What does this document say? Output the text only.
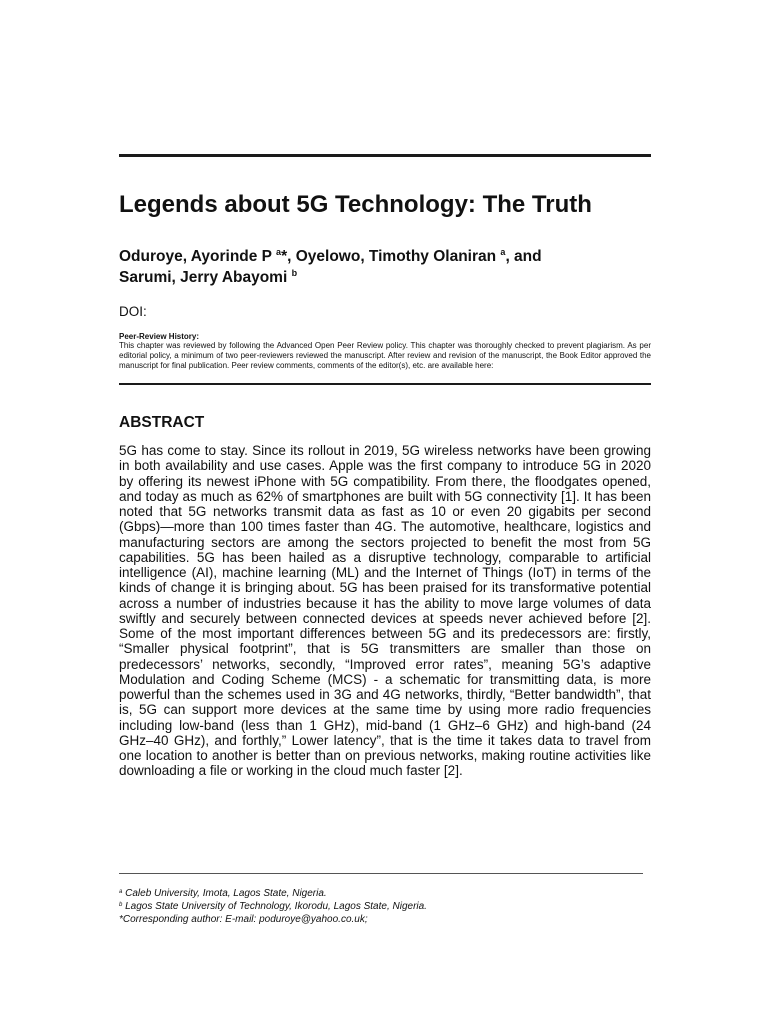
Legends about 5G Technology: The Truth

Oduroye, Ayorinde P $^a$*, Oyelowo, Timothy Olaniran $^a$, and
Sarumi, Jerry Abayomi $^b$

DOI:
Peer-Review History:

This chapter was reviewed by following the Advanced Open Peer Review policy. This chapter was thoroughly checked to prevent plagiarism. As per editorial policy, a minimum of two peer-reviewers reviewed the manuscript. After review and revision of the manuscript, the Book Editor approved the manuscript for final publication. Peer review comments, comments of the editor(s), etc. are available here:

ABSTRACT

5G has come to stay. Since its rollout in 2019, 5G wireless networks have been growing in both availability and use cases. Apple was the first company to introduce 5G in 2020 by offering its newest iPhone with 5G compatibility. From there, the floodgates opened, and today as much as 62% of smartphones are built with 5G connectivity [1]. It has been noted that 5G networks transmit data as fast as 10 or even 20 gigabits per second (Gbps)—more than 100 times faster than 4G. The automotive, healthcare, logistics and manufacturing sectors are among the sectors projected to benefit the most from 5G capabilities. 5G has been hailed as a disruptive technology, comparable to artificial intelligence (AI), machine learning (ML) and the Internet of Things (IoT) in terms of the kinds of change it is bringing about. 5G has been praised for its transformative potential across a number of industries because it has the ability to move large volumes of data swiftly and securely between connected devices at speeds never achieved before [2]. Some of the most important differences between 5G and its predecessors are: firstly, “Smaller physical footprint”, that is 5G transmitters are smaller than those on predecessors’ networks, secondly, “Improved error rates”, meaning 5G’s adaptive Modulation and Coding Scheme (MCS) - a schematic for transmitting data, is more powerful than the schemes used in 3G and 4G networks, thirdly, “Better bandwidth”, that is, 5G can support more devices at the same time by using more radio frequencies including low-band (less than 1 GHz), mid-band (1 GHz–6 GHz) and high-band (24 GHz–40 GHz), and forthly,” Lower latency”, that is the time it takes data to travel from one location to another is better than on previous networks, making routine activities like downloading a file or working in the cloud much faster [2].

$^a$ Caleb University, Imota, Lagos State, Nigeria.
$^b$ Lagos State University of Technology, Ikorodu, Lagos State, Nigeria.
*Corresponding author: E-mail: poduroye@yahoo.co.uk;
